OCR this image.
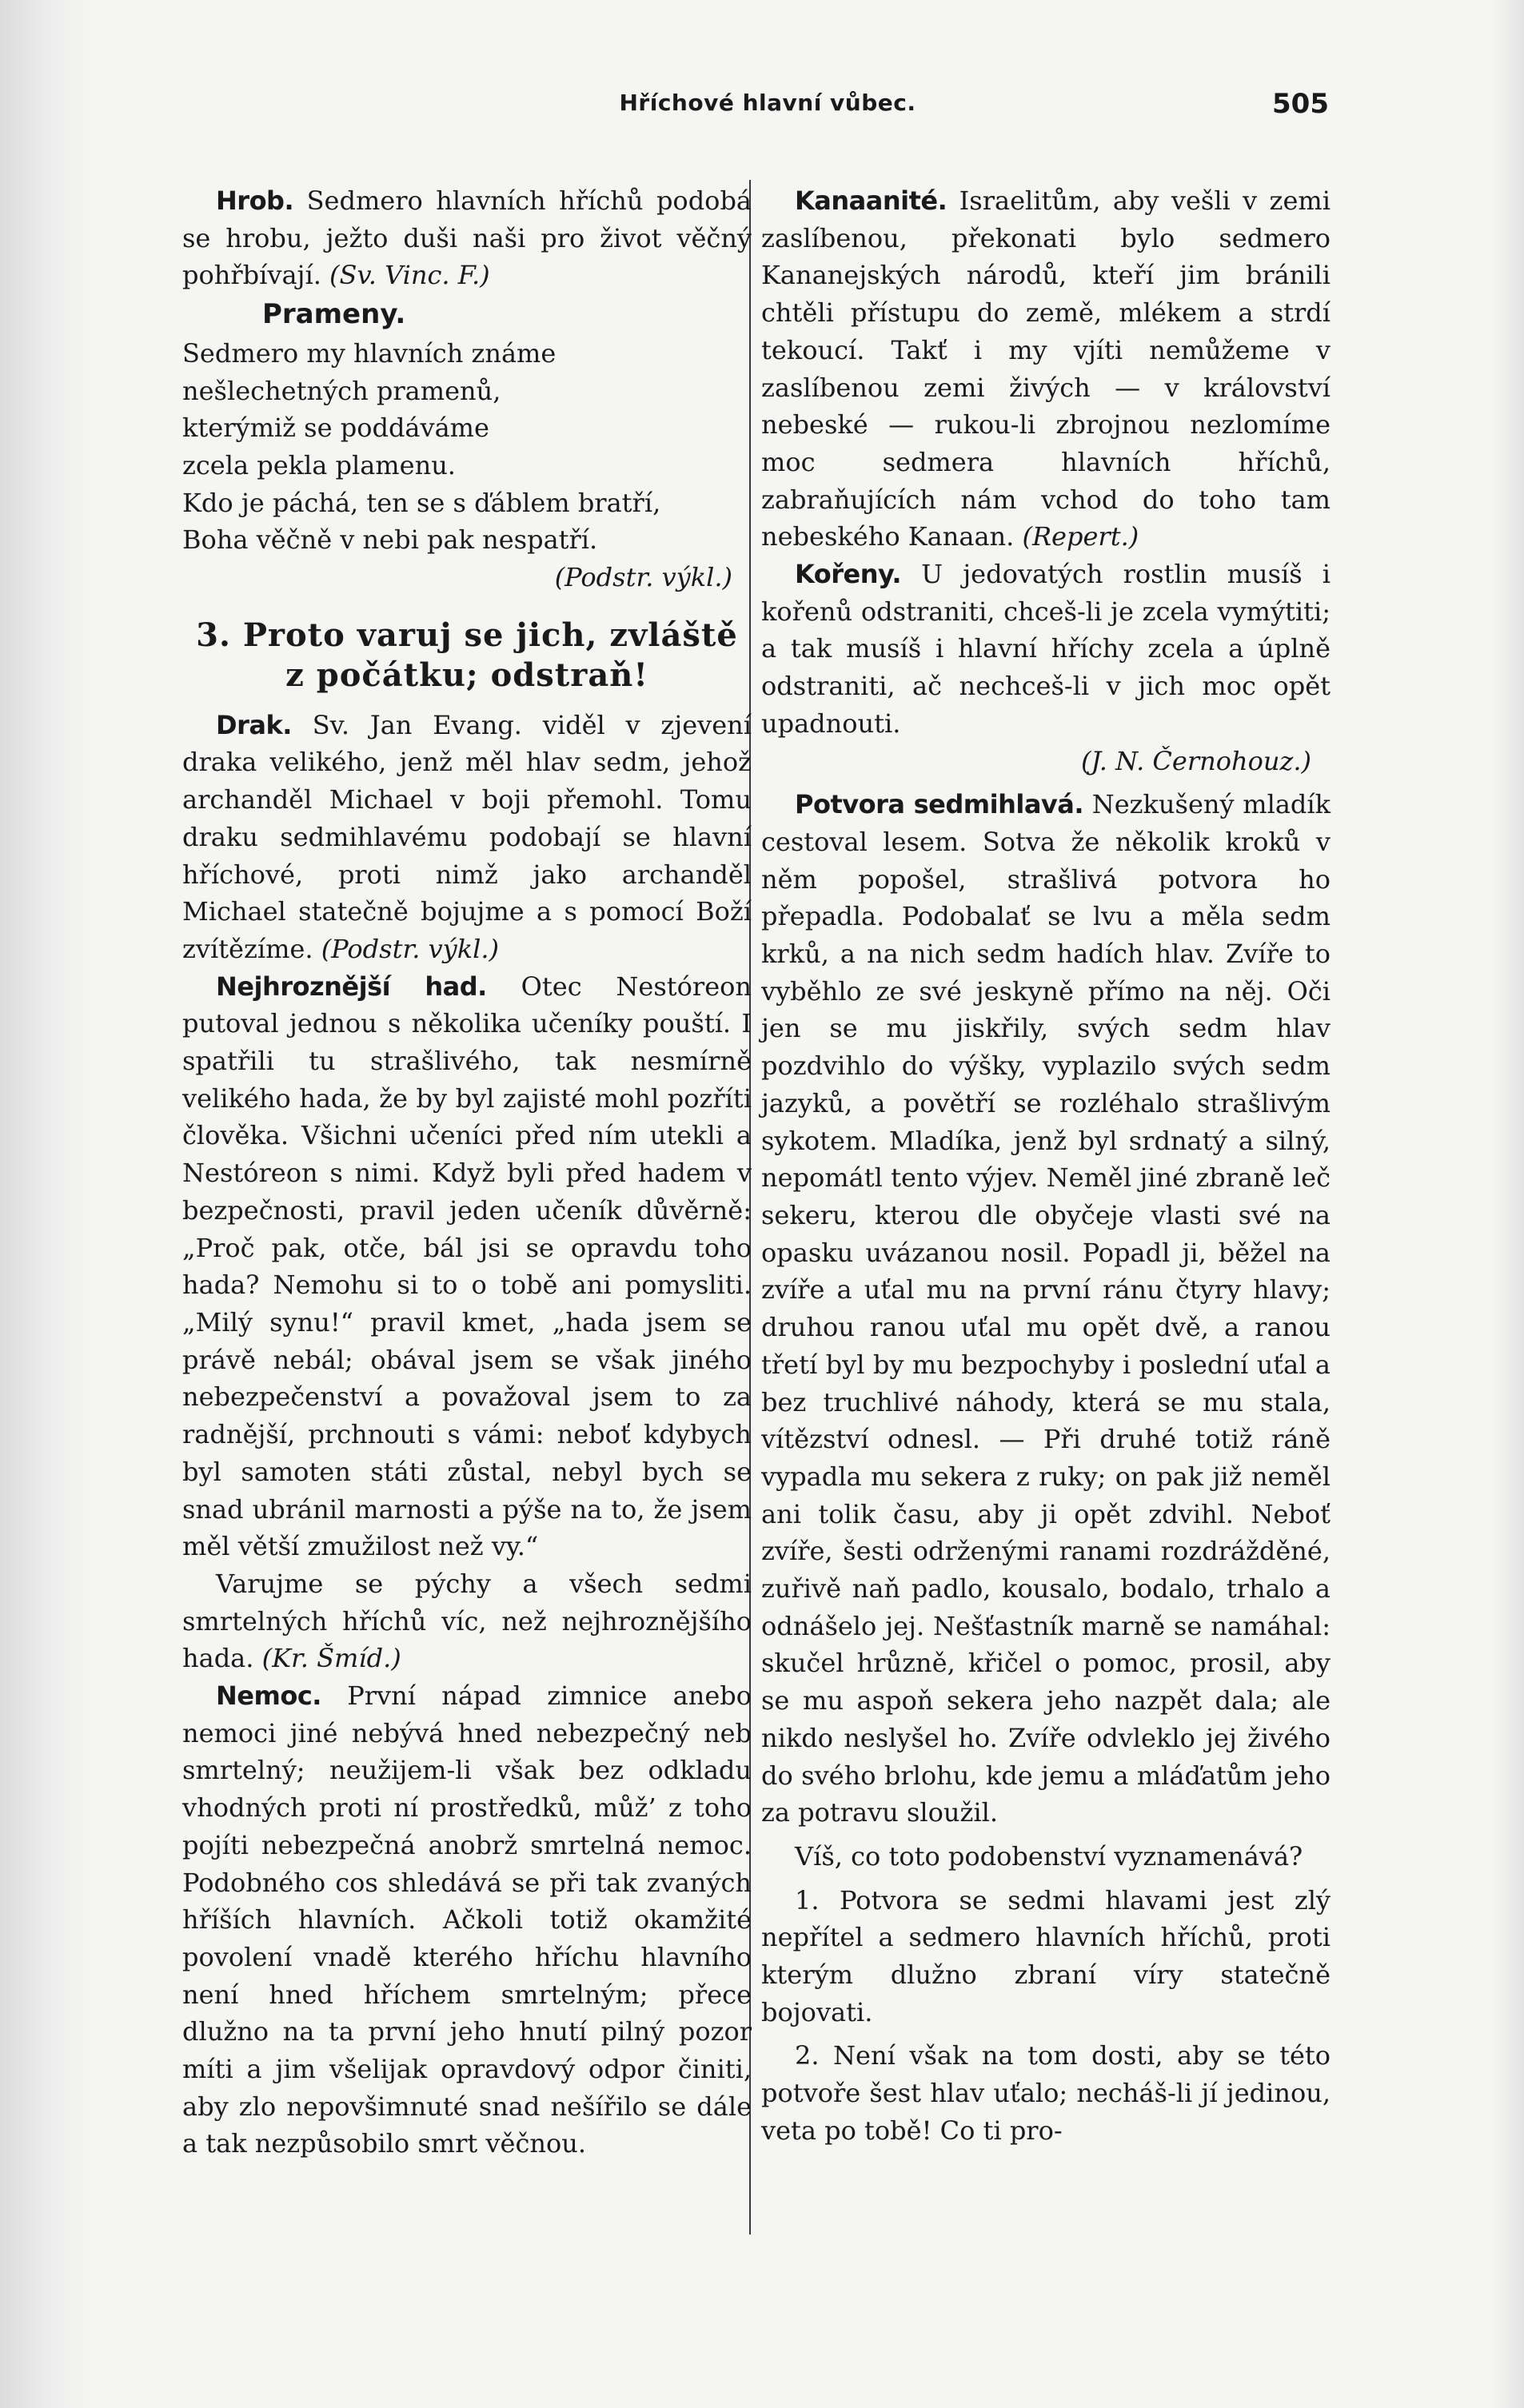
Hříchové hlavní vůbec.	505

Hrob. Sedmero hlavních hříchů podobá se hrobu, ježto duši naši pro život věčný pohřbívají. (Sv. Vinc. F.)

Prameny.

Sedmero my hlavních známe

nešlechetných pramenů,

kterýmiž se poddáváme

zcela pekla plamenu.

Kdo je páchá, ten se s ďáblem bratří,

Boha věčně v nebi pak nespatří.

(Podstr. výkl.)

3. Proto varuj se jich, zvláště
z počátku; odstraň!

Drak. Sv. Jan Evang. viděl v zjevení draka velikého, jenž měl hlav sedm, jehož archanděl Michael v boji přemohl. Tomu draku sedmihlavému podobají se hlavní hříchové, proti nimž jako archanděl Michael statečně bojujme a s pomocí Boží zvítězíme. (Podstr. výkl.)

Nejhroznější had. Otec Nestóreon putoval jednou s několika učeníky pouští. I spatřili tu strašlivého, tak nesmírně velikého hada, že by byl zajisté mohl pozříti člověka. Všichni učeníci před ním utekli a Nestóreon s nimi. Když byli před hadem v bezpečnosti, pravil jeden učeník důvěrně: „Proč pak, otče, bál jsi se opravdu toho hada? Nemohu si to o tobě ani pomysliti. „Milý synu!“ pravil kmet, „hada jsem se právě nebál; obával jsem se však jiného nebezpečenství a považoval jsem to za radnější, prchnouti s vámi: neboť kdybych byl samoten státi zůstal, nebyl bych se snad ubránil marnosti a pýše na to, že jsem měl větší zmužilost než vy.“

Varujme se pýchy a všech sedmi smrtelných hříchů víc, než nejhroznějšího hada. (Kr. Šmíd.)

Nemoc. První nápad zimnice anebo nemoci jiné nebývá hned nebezpečný neb smrtelný; neužijem-li však bez odkladu vhodných proti ní prostředků, můž’ z toho pojíti nebezpečná anobrž smrtelná nemoc. Podobného cos shledává se při tak zvaných hříších hlavních. Ačkoli totiž okamžité povolení vnadě kterého hříchu hlavního není hned hříchem smrtelným; přece dlužno na ta první jeho hnutí pilný pozor míti a jim všelijak opravdový odpor činiti, aby zlo nepovšimnuté snad nešířilo se dále a tak nezpůsobilo smrt věčnou.

Kanaanité. Israelitům, aby vešli v zemi zaslíbenou, překonati bylo sedmero Kananejských národů, kteří jim bránili chtěli přístupu do země, mlékem a strdí tekoucí. Takť i my vjíti nemůžeme v zaslíbenou zemi živých — v království nebeské — rukou-li zbrojnou nezlomíme moc sedmera hlavních hříchů, zabraňujících nám vchod do toho tam nebeského Kanaan. (Repert.)

Kořeny. U jedovatých rostlin musíš i kořenů odstraniti, chceš-li je zcela vymýtiti; a tak musíš i hlavní hříchy zcela a úplně odstraniti, ač nechceš-li v jich moc opět upadnouti.

(J. N. Černohouz.)

Potvora sedmihlavá. Nezkušený mladík cestoval lesem. Sotva že několik kroků v něm popošel, strašlivá potvora ho přepadla. Podobalať se lvu a měla sedm krků, a na nich sedm hadích hlav. Zvíře to vyběhlo ze své jeskyně přímo na něj. Oči jen se mu jiskřily, svých sedm hlav pozdvihlo do výšky, vyplazilo svých sedm jazyků, a povětří se rozléhalo strašlivým sykotem. Mladíka, jenž byl srdnatý a silný, nepomátl tento výjev. Neměl jiné zbraně leč sekeru, kterou dle obyčeje vlasti své na opasku uvázanou nosil. Popadl ji, běžel na zvíře a uťal mu na první ránu čtyry hlavy; druhou ranou uťal mu opět dvě, a ranou třetí byl by mu bezpochyby i poslední uťal a bez truchlivé náhody, která se mu stala, vítězství odnesl. — Při druhé totiž ráně vypadla mu sekera z ruky; on pak již neměl ani tolik času, aby ji opět zdvihl. Neboť zvíře, šesti održenými ranami rozdrážděné, zuřivě naň padlo, kousalo, bodalo, trhalo a odnášelo jej. Nešťastník marně se namáhal: skučel hrůzně, křičel o pomoc, prosil, aby se mu aspoň sekera jeho nazpět dala; ale nikdo neslyšel ho. Zvíře odvleklo jej živého do svého brlohu, kde jemu a mláďatům jeho za potravu sloužil.

Víš, co toto podobenství vyznamenává?

1. Potvora se sedmi hlavami jest zlý nepřítel a sedmero hlavních hříchů, proti kterým dlužno zbraní víry statečně bojovati.

2. Není však na tom dosti, aby se této potvoře šest hlav uťalo; necháš-li jí jedinou, veta po tobě! Co ti pro-
